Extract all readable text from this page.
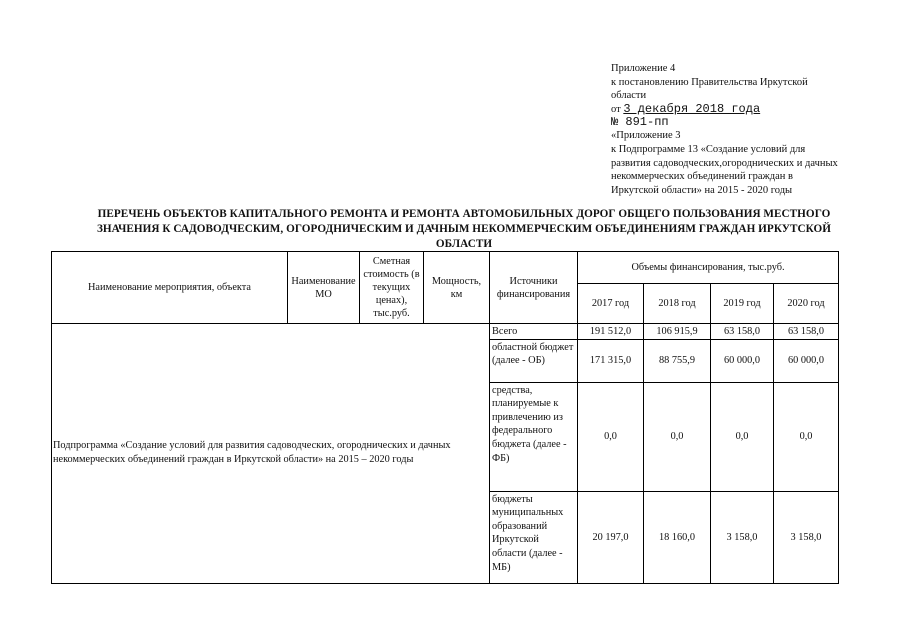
Приложение 4
к постановлению Правительства Иркутской
области
от 3 декабря 2018 года
№ 891-пп
«Приложение 3
к Подпрограмме 13 «Создание условий для
развития садоводческих,огороднических и дачных
некоммерческих объединений граждан в
Иркутской области» на 2015 - 2020 годы
ПЕРЕЧЕНЬ ОБЪЕКТОВ КАПИТАЛЬНОГО РЕМОНТА И РЕМОНТА АВТОМОБИЛЬНЫХ ДОРОГ ОБЩЕГО ПОЛЬЗОВАНИЯ МЕСТНОГО
ЗНАЧЕНИЯ К САДОВОДЧЕСКИМ, ОГОРОДНИЧЕСКИМ И ДАЧНЫМ НЕКОММЕРЧЕСКИМ ОБЪЕДИНЕНИЯМ ГРАЖДАН ИРКУТСКОЙ
ОБЛАСТИ
Наименование мероприятия, объекта	Наименование МО	Сметная стоимость (в текущих ценах), тыс.руб.	Мощность, км	Источники финансирования	Объемы финансирования, тыс.руб.			
					2017 год	2018 год	2019 год	2020 год
Подпрограмма «Создание условий для развития садоводческих, огороднических и дачных некоммерческих объединений граждан в Иркутской области» на 2015 – 2020 годы				Всего	191 512,0	106 915,9	63 158,0	63 158,0
				областной бюджет (далее - ОБ)	171 315,0	88 755,9	60 000,0	60 000,0
				средства, планируемые к привлечению из федерального бюджета (далее - ФБ)	0,0	0,0	0,0	0,0
				бюджеты муниципальных образований Иркутской области (далее - МБ)	20 197,0	18 160,0	3 158,0	3 158,0
